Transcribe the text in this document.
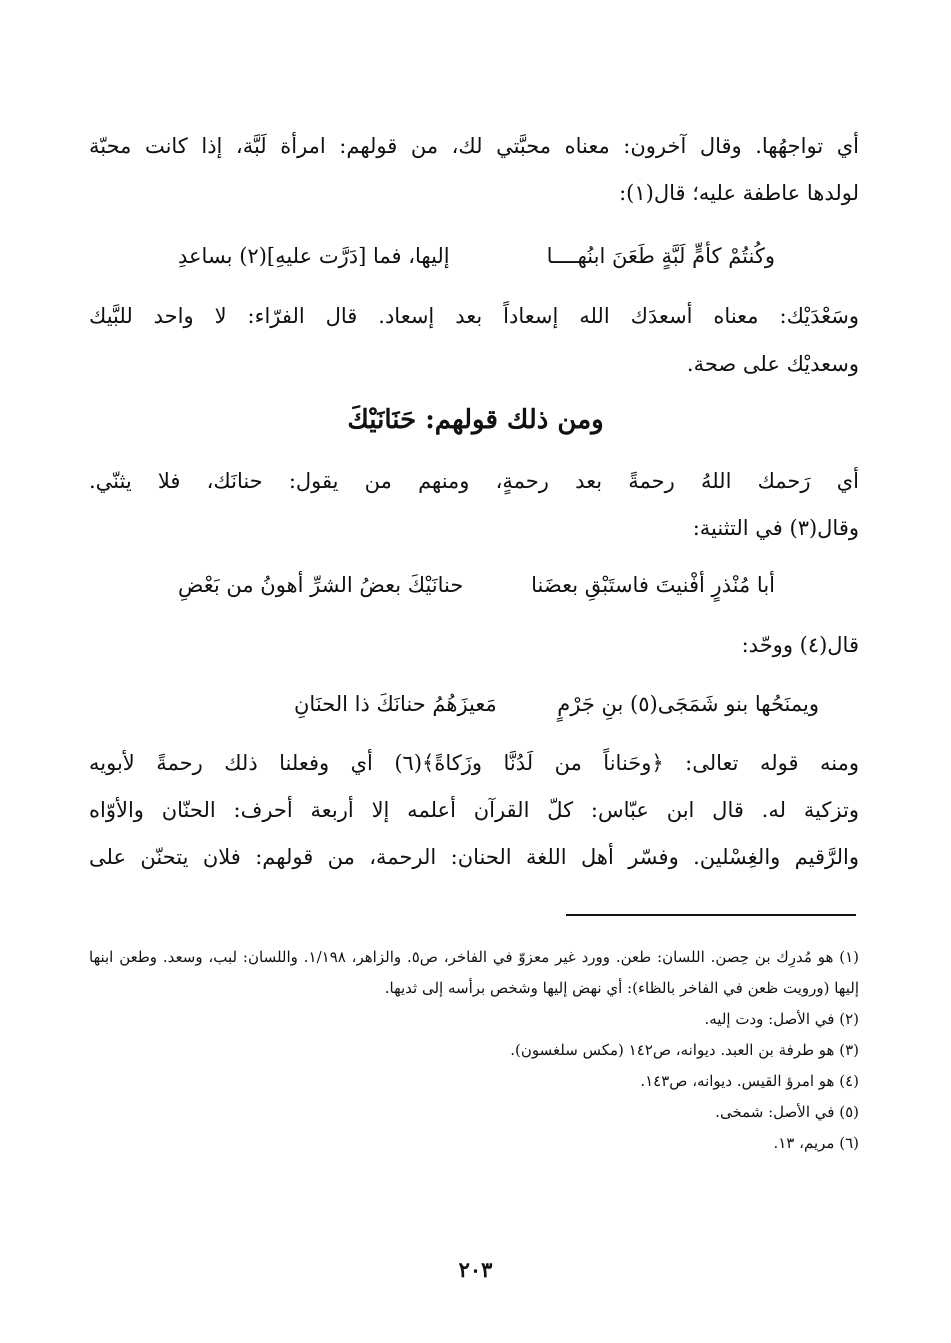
أي تواجهُها. وقال آخرون: معناه محبَّتي لك، من قولهم: امرأة لَبَّة، إذا كانت محبّة
لولدها عاطفة عليه؛ قال(١):
وكُنتُمْ كأمٍّ لَبَّةٍ طَعَنَ ابنُهــــا
إليها، فما [دَرَّت عليهِ](٢) بساعدِ
وسَعْدَيْك: معناه أسعدَك الله إسعاداً بعد إسعاد. قال الفرّاء: لا واحد للبَّيك
وسعديْك على صحة.
ومن ذلك قولهم: حَنَانَيْكَ
أي رَحمك اللهُ رحمةً بعد رحمةٍ، ومنهم من يقول: حنانَك، فلا يثنّي.
وقال(٣) في التثنية:
أبا مُنْذرٍ أفْنيتَ فاستَبْقِ بعضَنا
حنانَيْكَ بعضُ الشرِّ أهونُ من بَعْضِ
قال(٤) ووحّد:
ويمنَحُها بنو شَمَجَى(٥) بنِ جَرْمٍ
مَعيزَهُمُ حنانَكَ ذا الحنَانِ
ومنه قوله تعالى: ﴿وحَناناً من لَدُنَّا وزَكاةً﴾(٦) أي وفعلنا ذلك رحمةً لأبويه
وتزكية له. قال ابن عبّاس: كلّ القرآن أعلمه إلا أربعة أحرف: الحنّان والأوّاه
والرَّقيم والغِسْلين. وفسّر أهل اللغة الحنان: الرحمة، من قولهم: فلان يتحنّن على
(١) هو مُدرِك بن حِصن. اللسان: طعن. وورد غير معزوّ في الفاخر، ص٥. والزاهر، ١/١٩٨. واللسان: لبب، وسعد. وطعن ابنها إليها (ورويت ظعن في الفاخر بالظاء): أي نهض إليها وشخص برأسه إلى ثديها.
(٢) في الأصل: ودت إليه.
(٣) هو طرفة بن العبد. ديوانه، ص١٤٢ (مكس سلغسون).
(٤) هو امرؤ القيس. ديوانه، ص١٤٣.
(٥) في الأصل: شمخى.
(٦) مريم، ١٣.
٢٠٣
